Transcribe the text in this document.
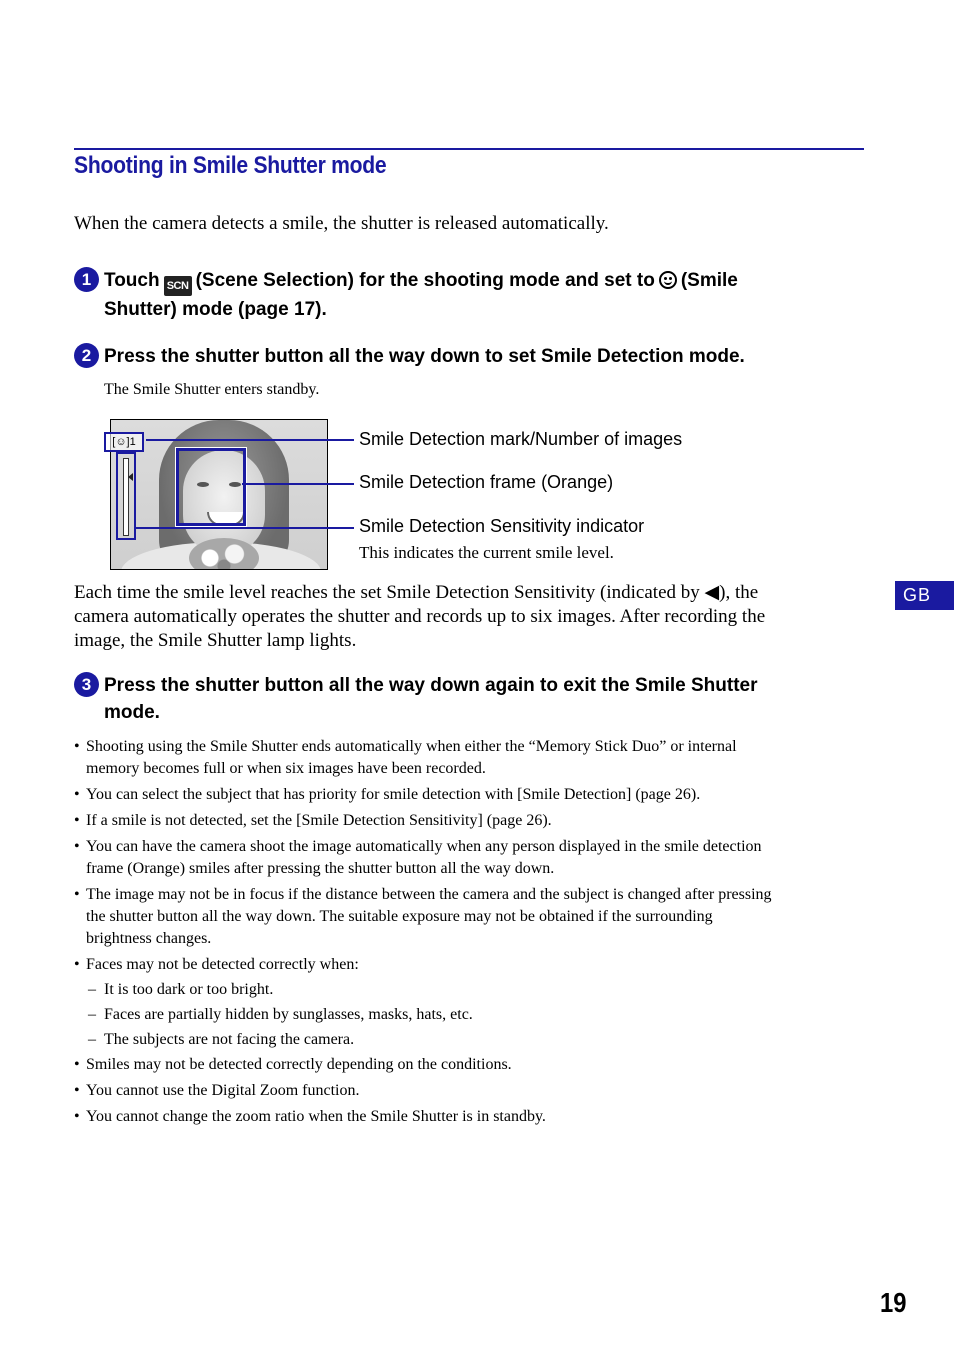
Shooting in Smile Shutter mode
When the camera detects a smile, the shutter is released automatically.
1 Touch SCN (Scene Selection) for the shooting mode and set to (Smile
Shutter) mode (page 17).
2 Press the shutter button all the way down to set Smile Detection mode.
The Smile Shutter enters standby.
[☺]1	Smile Detection mark/Number of images
Smile Detection frame (Orange)
Smile Detection Sensitivity indicator
This indicates the current smile level.
Each time the smile level reaches the set Smile Detection Sensitivity (indicated by ◀), the
camera automatically operates the shutter and records up to six images. After recording the
image, the Smile Shutter lamp lights.
GB
3 Press the shutter button all the way down again to exit the Smile Shutter
mode.
• Shooting using the Smile Shutter ends automatically when either the “Memory Stick Duo” or internal
memory becomes full or when six images have been recorded.
• You can select the subject that has priority for smile detection with [Smile Detection] (page 26).
• If a smile is not detected, set the [Smile Detection Sensitivity] (page 26).
• You can have the camera shoot the image automatically when any person displayed in the smile detection
frame (Orange) smiles after pressing the shutter button all the way down.
• The image may not be in focus if the distance between the camera and the subject is changed after pressing
the shutter button all the way down. The suitable exposure may not be obtained if the surrounding
brightness changes.
• Faces may not be detected correctly when:
– It is too dark or too bright.
– Faces are partially hidden by sunglasses, masks, hats, etc.
– The subjects are not facing the camera.
• Smiles may not be detected correctly depending on the conditions.
• You cannot use the Digital Zoom function.
• You cannot change the zoom ratio when the Smile Shutter is in standby.
19
